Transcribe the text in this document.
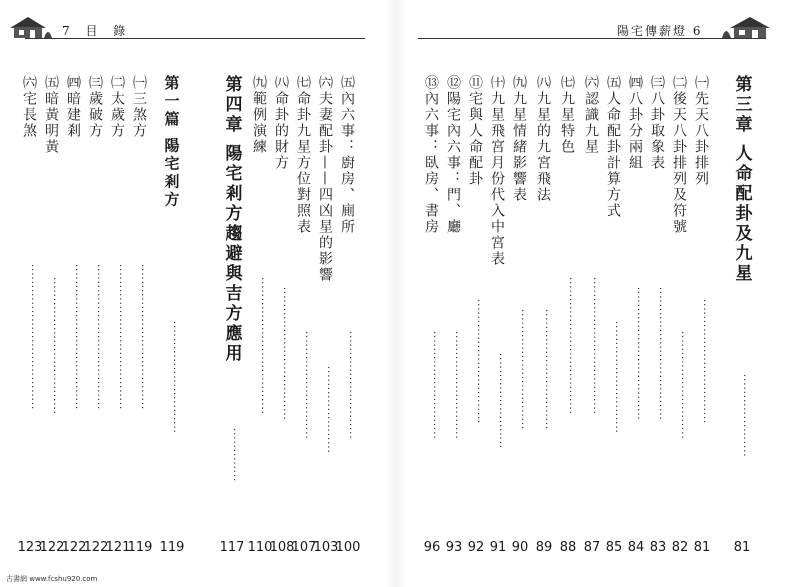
7 目 錄	陽宅傳薪燈 6
第四章 陽宅剎方趨避與吉方應用
·············
117
㈤內六事：廚房、廁所
··························
100
㈥夫妻配卦——四凶星的影響
·····················
103
㈦命卦九星方位對照表
··························
107
㈧命卦的財方
································
108
㈨範例演練
·································
110
第一篇 陽宅剎方
···························
119
㈠三煞方
···································
119
㈡太歲方
···································
121
㈢歲破方
···································
122
㈣暗建剎
···································
122
㈤暗黃明黃
·································
122
㈥宅長煞
···································
123
第三章 人命配卦及九星
····················
81
㈠先天八卦排列
······························
81
㈡後天八卦排列及符號
··························
82
㈢八卦取象表
································
83
㈣八卦分兩組
································
84
㈤人命配卦計算方式
···························
85
㈥認識九星
·································
87
㈦九星特色
·································
88
㈧九星的九宮飛法
·····························
89
㈨九星情緒影響表
·····························
90
㈩九星飛宮月份代入中宮表
·······················
91
⑪宅與人命配卦
······························
92
⑫陽宅內六事：門、廳
··························
93
⑬內六事：臥房、書房
··························
96
古書網 www.fcshu920.com
